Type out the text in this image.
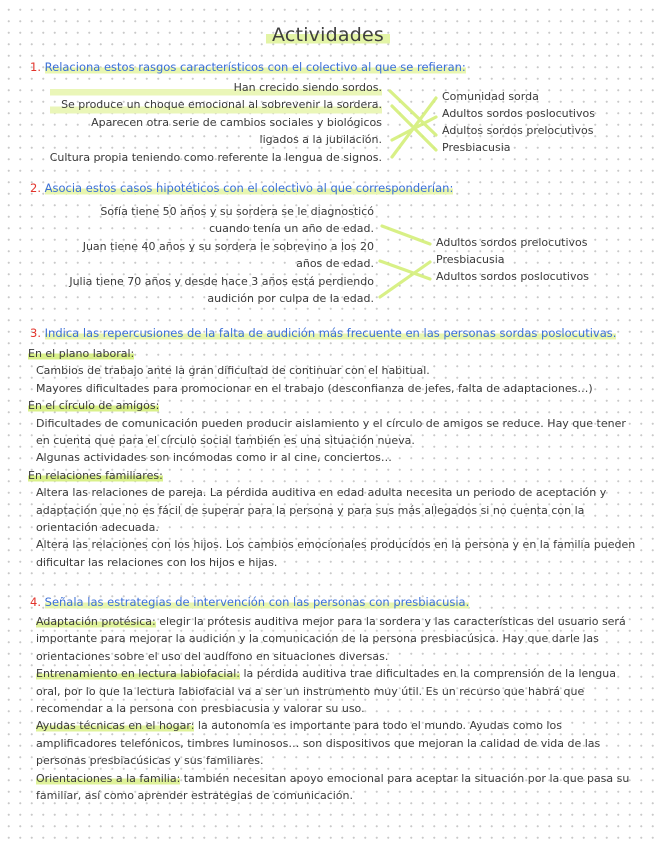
Actividades
1. Relaciona estos rasgos característicos con el colectivo al que se refieran:
Han crecido siendo sordos.
Se produce un choque emocional al sobrevenir la sordera.
Aparecen otra serie de cambios sociales y biológicos
ligados a la jubilación.
Cultura propia teniendo como referente la lengua de signos.
Comunidad sorda
Adultos sordos poslocutivos
Adultos sordos prelocutivos
Presbiacusia
2. Asocia estos casos hipotéticos con el colectivo al que corresponderían:
Sofía tiene 50 años y su sordera se le diagnosticó
cuando tenía un año de edad.
Juan tiene 40 años y su sordera le sobrevino a los 20
años de edad.
Julia tiene 70 años y desde hace 3 años está perdiendo
audición por culpa de la edad.
Adultos sordos prelocutivos
Presbiacusia
Adultos sordos poslocutivos
3. Indica las repercusiones de la falta de audición más frecuente en las personas sordas poslocutivas.

En el plano laboral:

Cambios de trabajo ante la gran dificultad de continuar con el habitual.

Mayores dificultades para promocionar en el trabajo (desconfianza de jefes, falta de adaptaciones…)

En el círculo de amigos:

Dificultades de comunicación pueden producir aislamiento y el círculo de amigos se reduce. Hay que tener en cuenta que para el círculo social también es una situación nueva.

Algunas actividades son incómodas como ir al cine, conciertos…

En relaciones familiares:

Altera las relaciones de pareja. La pérdida auditiva en edad adulta necesita un periodo de aceptación y adaptación que no es fácil de superar para la persona y para sus más allegados si no cuenta con la orientación adecuada.

Altera las relaciones con los hijos. Los cambios emocionales producidos en la persona y en la familia pueden dificultar las relaciones con los hijos e hijas.

4. Señala las estrategias de intervención con las personas con presbiacusia.

Adaptación protésica: elegir la prótesis auditiva mejor para la sordera y las características del usuario será importante para mejorar la audición y la comunicación de la persona presbiacúsica. Hay que darle las orientaciones sobre el uso del audífono en situaciones diversas.

Entrenamiento en lectura labiofacial: la pérdida auditiva trae dificultades en la comprensión de la lengua oral, por lo que la lectura labiofacial va a ser un instrumento muy útil. Es un recurso que habrá que recomendar a la persona con presbiacusia y valorar su uso.

Ayudas técnicas en el hogar: la autonomía es importante para todo el mundo. Ayudas como los amplificadores telefónicos, timbres luminosos… son dispositivos que mejoran la calidad de vida de las personas presbiacúsicas y sus familiares.

Orientaciones a la familia: también necesitan apoyo emocional para aceptar la situación por la que pasa su familiar, así como aprender estrategias de comunicación.
